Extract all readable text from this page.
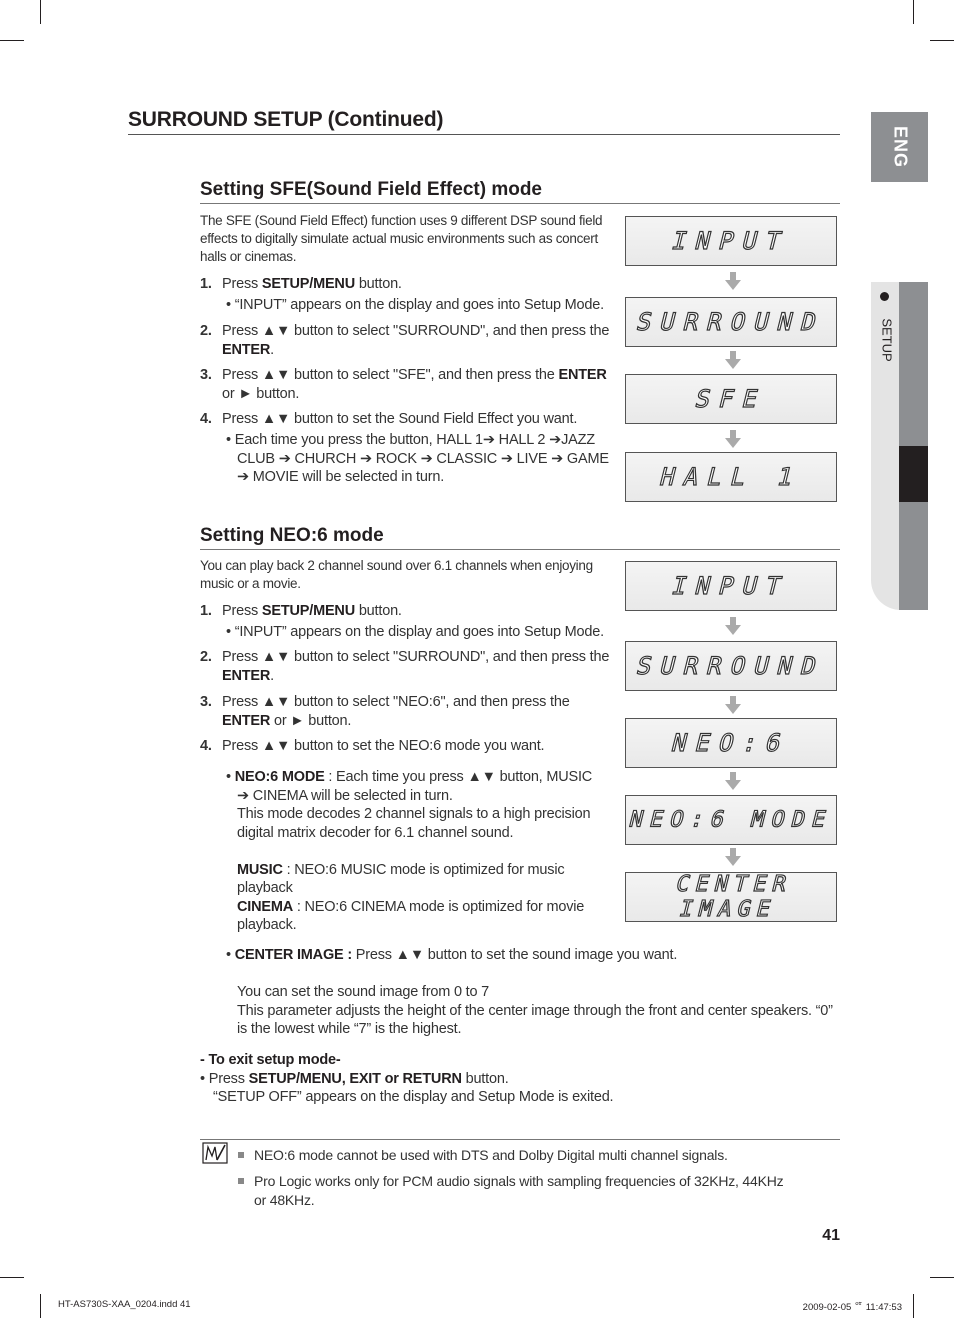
ENG
SETUP
SURROUND SETUP (Continued)
Setting SFE(Sound Field Effect) mode
The SFE (Sound Field Effect) function uses 9 different DSP sound field
effects to digitally simulate actual music environments such as concert
halls or cinemas.
1. Press SETUP/MENU button.
• “INPUT” appears on the display and goes into Setup Mode.
2. Press ▲▼ button to select "SURROUND", and then press the
ENTER.
3. Press ▲▼ button to select "SFE", and then press the ENTER
or ► button.
4. Press ▲▼ button to set the Sound Field Effect you want.
• Each time you press the button, HALL 1➔ HALL 2 ➔JAZZ
CLUB ➔ CHURCH ➔ ROCK ➔ CLASSIC ➔ LIVE ➔ GAME
➔ MOVIE will be selected in turn.
INPUT
SURROUND
SFE
HALL 1
Setting NEO:6 mode
You can play back 2 channel sound over 6.1 channels when enjoying
music or a movie.
1. Press SETUP/MENU button.
• “INPUT” appears on the display and goes into Setup Mode.
2. Press ▲▼ button to select "SURROUND", and then press the
ENTER.
3. Press ▲▼ button to select "NEO:6", and then press the
ENTER or ► button.
4. Press ▲▼ button to set the NEO:6 mode you want.
• NEO:6 MODE : Each time you press ▲▼ button, MUSIC
➔ CINEMA will be selected in turn.
This mode decodes 2 channel signals to a high precision
digital matrix decoder for 6.1 channel sound.
MUSIC : NEO:6 MUSIC mode is optimized for music
playback
CINEMA : NEO:6 CINEMA mode is optimized for movie
playback.
• CENTER IMAGE : Press ▲▼ button to set the sound image you want.
You can set the sound image from 0 to 7
This parameter adjusts the height of the center image through the front and center speakers. “0”
is the lowest while “7” is the highest.
INPUT
SURROUND
NEO:6
NEO:6 MODE
CENTER IMAGE
- To exit setup mode-
• Press SETUP/MENU, EXIT or RETURN button.
“SETUP OFF” appears on the display and Setup Mode is exited.
NEO:6 mode cannot be used with DTS and Dolby Digital multi channel signals.
Pro Logic works only for PCM audio signals with sampling frequencies of 32KHz, 44KHz or 48KHz.
41
HT-AS730S-XAA_0204.indd 41	2009-02-05 ᄋᄒ 11:47:53
